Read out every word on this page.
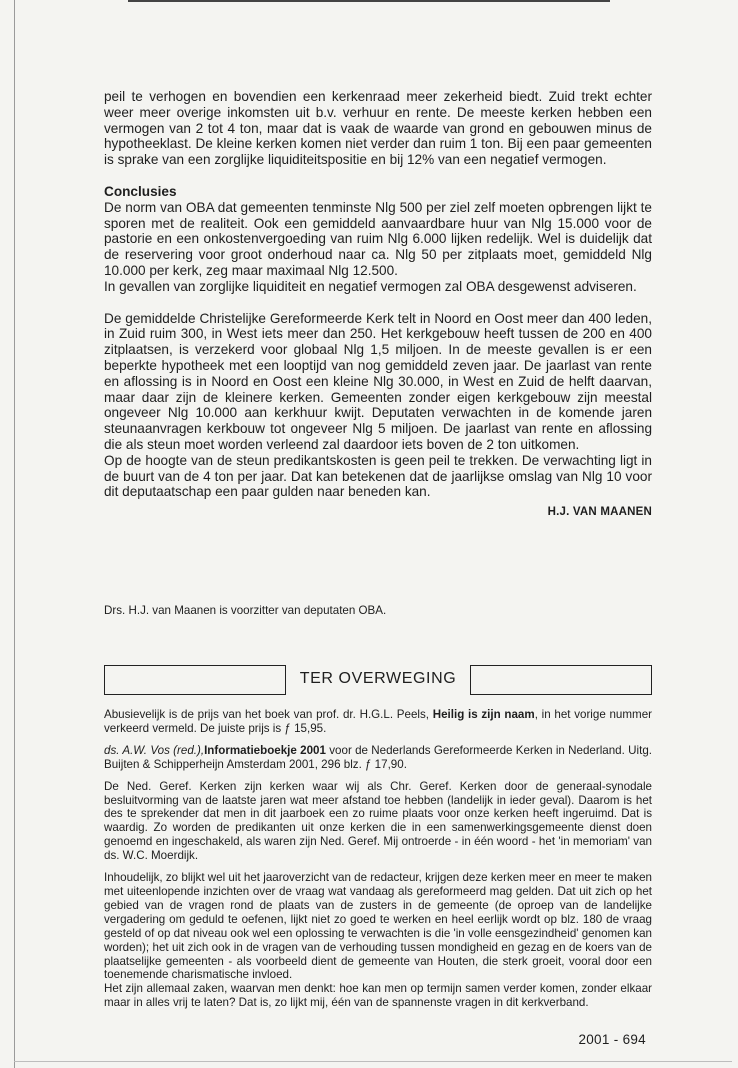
peil te verhogen en bovendien een kerkenraad meer zekerheid biedt. Zuid trekt echter weer meer overige inkomsten uit b.v. verhuur en rente. De meeste kerken hebben een vermogen van 2 tot 4 ton, maar dat is vaak de waarde van grond en gebouwen minus de hypotheeklast. De kleine kerken komen niet verder dan ruim 1 ton. Bij een paar gemeenten is sprake van een zorglijke liquiditeitspositie en bij 12% van een negatief vermogen.

Conclusies

De norm van OBA dat gemeenten tenminste Nlg 500 per ziel zelf moeten opbrengen lijkt te sporen met de realiteit. Ook een gemiddeld aanvaardbare huur van Nlg 15.000 voor de pastorie en een onkostenvergoeding van ruim Nlg 6.000 lijken redelijk. Wel is duidelijk dat de reservering voor groot onderhoud naar ca. Nlg 50 per zitplaats moet, gemiddeld Nlg 10.000 per kerk, zeg maar maximaal Nlg 12.500.

In gevallen van zorglijke liquiditeit en negatief vermogen zal OBA desgewenst adviseren.

De gemiddelde Christelijke Gereformeerde Kerk telt in Noord en Oost meer dan 400 leden, in Zuid ruim 300, in West iets meer dan 250. Het kerkgebouw heeft tussen de 200 en 400 zitplaatsen, is verzekerd voor globaal Nlg 1,5 miljoen. In de meeste gevallen is er een beperkte hypotheek met een looptijd van nog gemiddeld zeven jaar. De jaarlast van rente en aflossing is in Noord en Oost een kleine Nlg 30.000, in West en Zuid de helft daarvan, maar daar zijn de kleinere kerken. Gemeenten zonder eigen kerkgebouw zijn meestal ongeveer Nlg 10.000 aan kerkhuur kwijt. Deputaten verwachten in de komende jaren steunaanvragen kerkbouw tot ongeveer Nlg 5 miljoen. De jaarlast van rente en aflossing die als steun moet worden verleend zal daardoor iets boven de 2 ton uitkomen.

Op de hoogte van de steun predikantskosten is geen peil te trekken. De verwachting ligt in de buurt van de 4 ton per jaar. Dat kan betekenen dat de jaarlijkse omslag van Nlg 10 voor dit deputaatschap een paar gulden naar beneden kan.

H.J. VAN MAANEN

Drs. H.J. van Maanen is voorzitter van deputaten OBA.

TER OVERWEGING

Abusievelijk is de prijs van het boek van prof. dr. H.G.L. Peels, Heilig is zijn naam, in het vorige nummer verkeerd vermeld. De juiste prijs is ƒ 15,95.

ds. A.W. Vos (red.),Informatieboekje 2001 voor de Nederlands Gereformeerde Kerken in Nederland. Uitg. Buijten & Schipperheijn Amsterdam 2001, 296 blz. ƒ 17,90.

De Ned. Geref. Kerken zijn kerken waar wij als Chr. Geref. Kerken door de generaal-synodale besluitvorming van de laatste jaren wat meer afstand toe hebben (landelijk in ieder geval). Daarom is het des te sprekender dat men in dit jaarboek een zo ruime plaats voor onze kerken heeft ingeruimd. Dat is waardig. Zo worden de predikanten uit onze kerken die in een samenwerkingsgemeente dienst doen genoemd en ingeschakeld, als waren zijn Ned. Geref. Mij ontroerde - in één woord - het 'in memoriam' van ds. W.C. Moerdijk.

Inhoudelijk, zo blijkt wel uit het jaaroverzicht van de redacteur, krijgen deze kerken meer en meer te maken met uiteenlopende inzichten over de vraag wat vandaag als gereformeerd mag gelden. Dat uit zich op het gebied van de vragen rond de plaats van de zusters in de gemeente (de oproep van de landelijke vergadering om geduld te oefenen, lijkt niet zo goed te werken en heel eerlijk wordt op blz. 180 de vraag gesteld of op dat niveau ook wel een oplossing te verwachten is die 'in volle eensgezindheid' genomen kan worden); het uit zich ook in de vragen van de verhouding tussen mondigheid en gezag en de koers van de plaatselijke gemeenten - als voorbeeld dient de gemeente van Houten, die sterk groeit, vooral door een toenemende charismatische invloed.

Het zijn allemaal zaken, waarvan men denkt: hoe kan men op termijn samen verder komen, zonder elkaar maar in alles vrij te laten? Dat is, zo lijkt mij, één van de spannenste vragen in dit kerkverband.

2001 - 694
